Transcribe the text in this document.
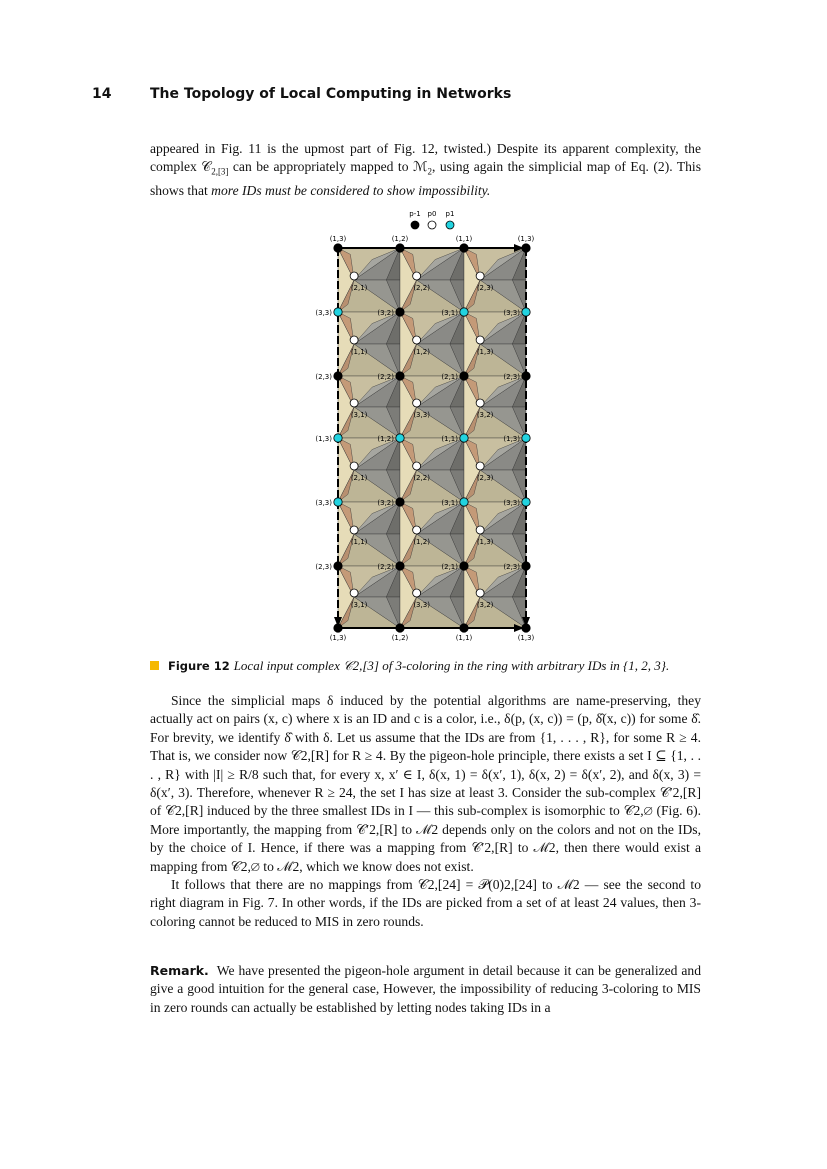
14	The Topology of Local Computing in Networks

appeared in Fig. 11 is the upmost part of Fig. 12, twisted.) Despite its apparent complexity, the complex 𝒞$_{2,[3]}$ can be appropriately mapped to ℳ$_2$, using again the simplicial map of Eq. (2). This shows that more IDs must be considered to show impossibility.

p-1 p0 p1
(1,3)	(1,2)	(1,1)	(1,3)
(3,3)	(3,2)	(3,1)	(3,3)
(2,3)	(2,2)	(2,1)	(2,3)
(1,3)	(1,2)	(1,1)	(1,3)
(3,3)	(3,2)	(3,1)	(3,3)
(2,3)	(2,2)	(2,1)	(2,3)
(1,3)	(1,2)	(1,1)	(1,3)
(2,1)	(2,2)	(2,3)
(1,1)	(1,2)	(1,3)
(3,1)	(3,3)	(3,2)
(2,1)	(2,2)	(2,3)
(1,1)	(1,2)	(1,3)
(3,1)	(3,3)	(3,2)
Figure 12 Local input complex 𝒞2,[3] of 3-coloring in the ring with arbitrary IDs in {1, 2, 3}.

Since the simplicial maps δ induced by the potential algorithms are name-preserving, they actually act on pairs (x, c) where x is an ID and c is a color, i.e., δ(p, (x, c)) = (p, δ̂(x, c)) for some δ̂. For brevity, we identify δ̂ with δ. Let us assume that the IDs are from {1, . . . , R}, for some R ≥ 4. That is, we consider now 𝒞2,[R] for R ≥ 4. By the pigeon-hole principle, there exists a set I ⊆ {1, . . . , R} with |I| ≥ R/8 such that, for every x, x′ ∈ I, δ(x, 1) = δ(x′, 1), δ(x, 2) = δ(x′, 2), and δ(x, 3) = δ(x′, 3). Therefore, whenever R ≥ 24, the set I has size at least 3. Consider the sub-complex 𝒞′2,[R] of 𝒞2,[R] induced by the three smallest IDs in I — this sub-complex is isomorphic to 𝒞2,∅ (Fig. 6). More importantly, the mapping from 𝒞′2,[R] to ℳ2 depends only on the colors and not on the IDs, by the choice of I. Hence, if there was a mapping from 𝒞′2,[R] to ℳ2, then there would exist a mapping from 𝒞2,∅ to ℳ2, which we know does not exist.

It follows that there are no mappings from 𝒞2,[24] = 𝒫(0)2,[24] to ℳ2 — see the second to right diagram in Fig. 7. In other words, if the IDs are picked from a set of at least 24 values, then 3-coloring cannot be reduced to MIS in zero rounds.

Remark. We have presented the pigeon-hole argument in detail because it can be generalized and give a good intuition for the general case, However, the impossibility of reducing 3-coloring to MIS in zero rounds can actually be established by letting nodes taking IDs in a
